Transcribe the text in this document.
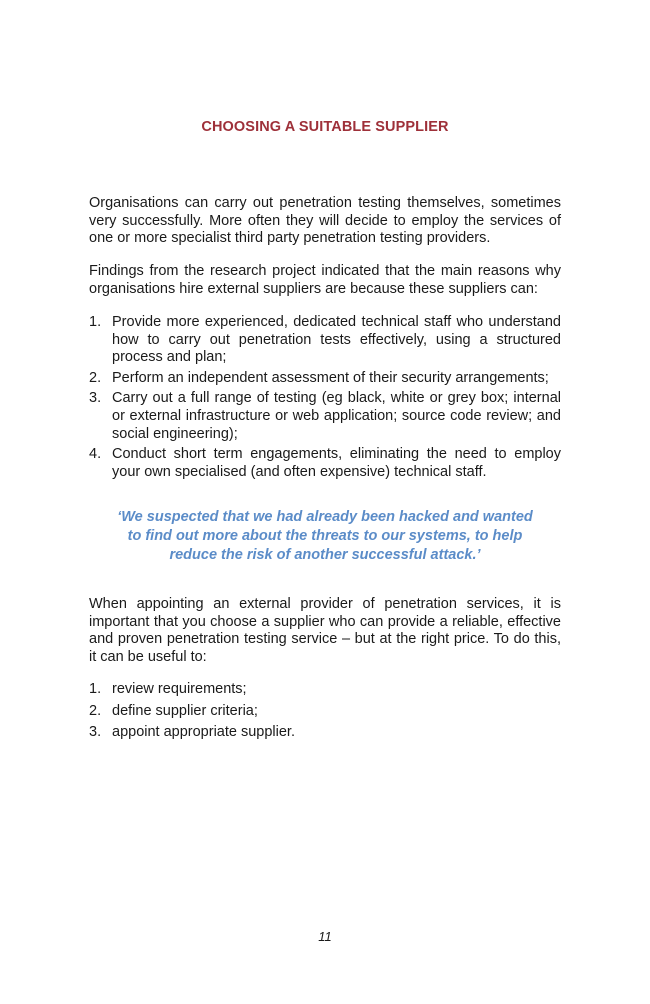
CHOOSING A SUITABLE SUPPLIER

Organisations can carry out penetration testing themselves, sometimes very successfully. More often they will decide to employ the services of one or more specialist third party penetration testing providers.

Findings from the research project indicated that the main reasons why organisations hire external suppliers are because these suppliers can:

1. Provide more experienced, dedicated technical staff who understand how to carry out penetration tests effectively, using a structured process and plan;
2. Perform an independent assessment of their security arrangements;
3. Carry out a full range of testing (eg black, white or grey box; internal or external infrastructure or web application; source code review; and social engineering);
4. Conduct short term engagements, eliminating the need to employ your own specialised (and often expensive) technical staff.
‘We suspected that we had already been hacked and wanted
to find out more about the threats to our systems, to help
reduce the risk of another successful attack.’

When appointing an external provider of penetration services, it is important that you choose a supplier who can provide a reliable, effective and proven penetration testing service – but at the right price. To do this, it can be useful to:

1. review requirements;
2. define supplier criteria;
3. appoint appropriate supplier.
11
